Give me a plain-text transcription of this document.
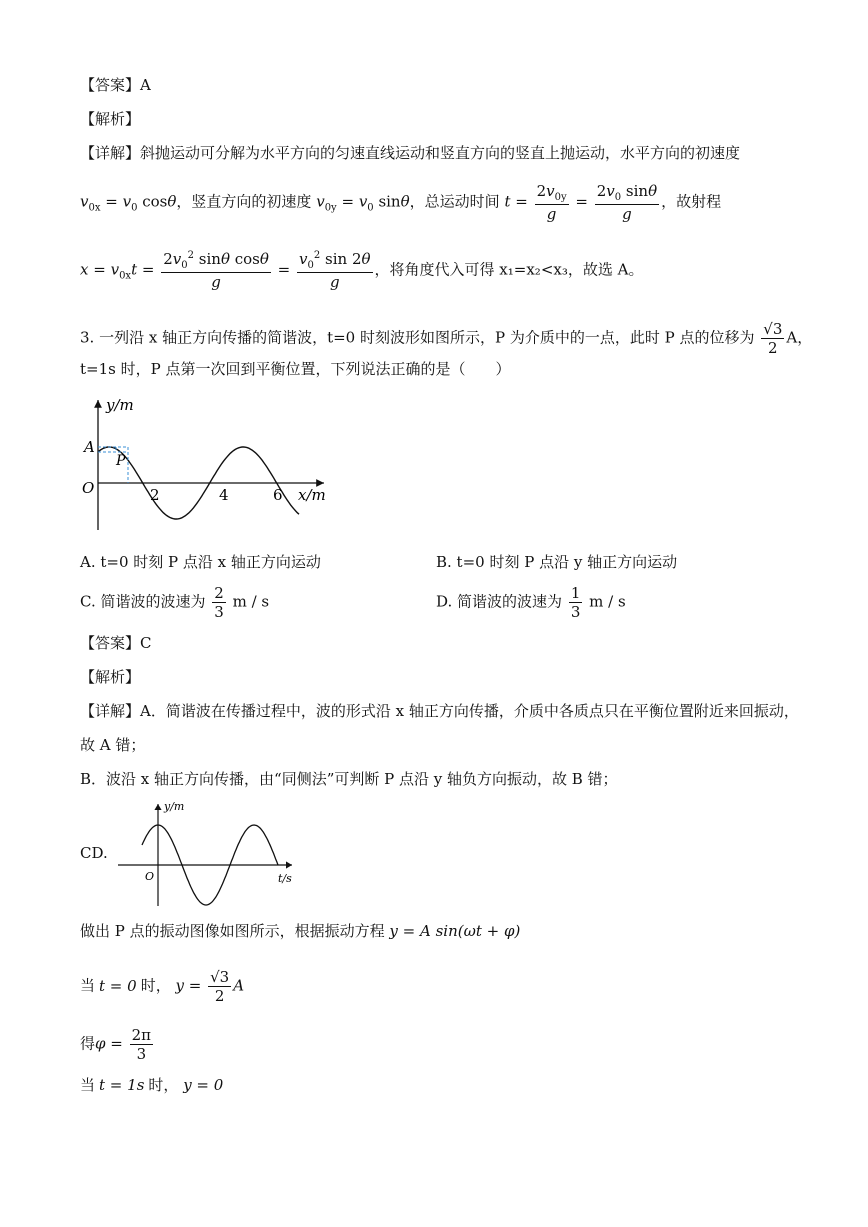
【答案】A
【解析】
【详解】斜抛运动可分解为水平方向的匀速直线运动和竖直方向的竖直上抛运动，水平方向的初速度
$v_{0x} = v_0$ cosθ，竖直方向的初速度 $v_{0y} = v_0$ sinθ，总运动时间 $t = \frac{2v_{0y}}{g} = \frac{2v_0 \sin\theta}{g}$ ，故射程
$x = v_{0x}t = \frac{2v_0^2 \sin\theta \cos\theta}{g} = \frac{v_0^2 \sin 2\theta}{g}$ ，将角度代入可得 x₁=x₂<x₃，故选 A。
3. 一列沿 x 轴正方向传播的简谐波，t=0 时刻波形如图所示，P 为介质中的一点，此时 P 点的位移为 $\frac{√3}{2}$ A，
t=1s 时，P 点第一次回到平衡位置，下列说法正确的是（　　）
y/m
x/m
O
A
P
2	4	6
A. t=0 时刻 P 点沿 x 轴正方向运动	B. t=0 时刻 P 点沿 y 轴正方向运动
C. 简谐波的波速为 $\frac{2}{3}$ m / s	D. 简谐波的波速为 $\frac{1}{3}$ m / s
【答案】C
【解析】
【详解】A．简谐波在传播过程中，波的形式沿 x 轴正方向传播，介质中各质点只在平衡位置附近来回振动，
故 A 错；
B．波沿 x 轴正方向传播，由“同侧法”可判断 P 点沿 y 轴负方向振动，故 B 错；
CD.
y/m
t/s
O
做出 P 点的振动图像如图所示，根据振动方程 y = A sin(ωt + φ)
当 t = 0 时， $y = \frac{√3}{2}$ A
得$\varphi = \frac{2\pi}{3}$
当 t = 1s 时， y = 0
